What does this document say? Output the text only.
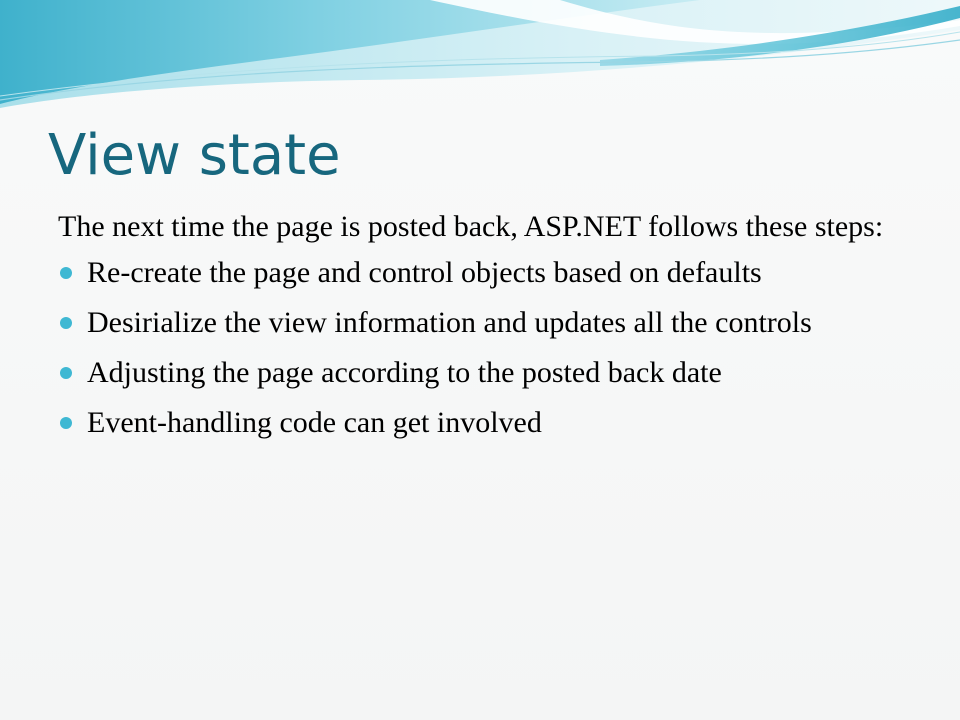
View state

The next time the page is posted back, ASP.NET follows these steps:

Re-create the page and control objects based on defaults
Desirialize the view information and updates all the controls
Adjusting the page according to the posted back date
Event-handling code can get involved
